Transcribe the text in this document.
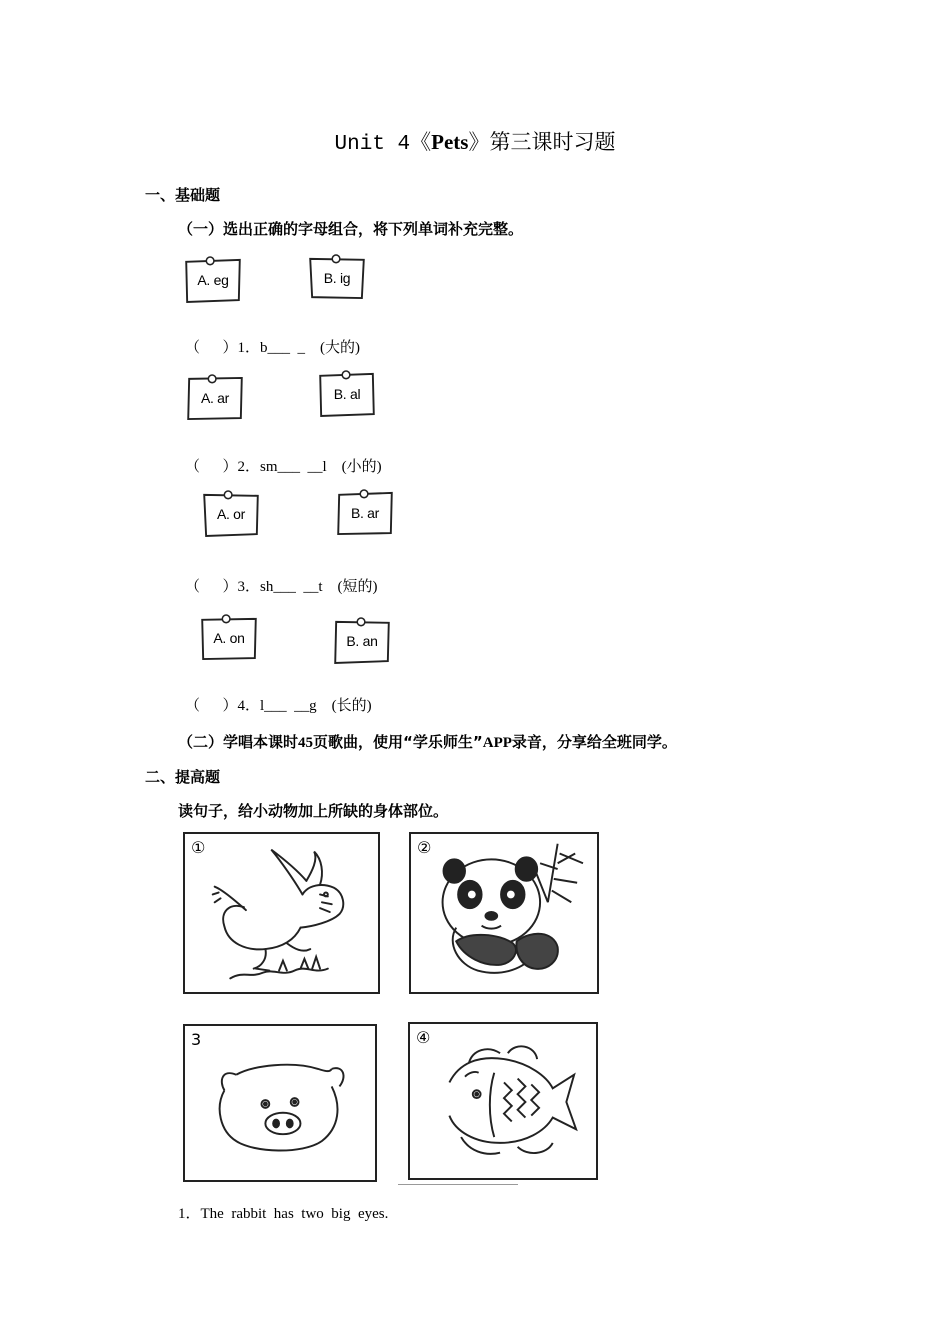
Unit 4《Pets》第三课时习题
一、基础题
（一）选出正确的字母组合，将下列单词补充完整。
A. eg	B. ig
（      ）1．b___  _    (大的)
A. ar	B. al
（      ）2．sm___  __l    (小的)
A. or	B. ar
（      ）3．sh___  __t    (短的)
A. on	B. an
（      ）4．l___  __g    (长的)
（二）学唱本课时45页歌曲，使用“学乐师生”APP录音，分享给全班同学。
二、提高题
读句子，给小动物加上所缺的身体部位。
①	②
3	④
1．The  rabbit  has  two  big  eyes.
